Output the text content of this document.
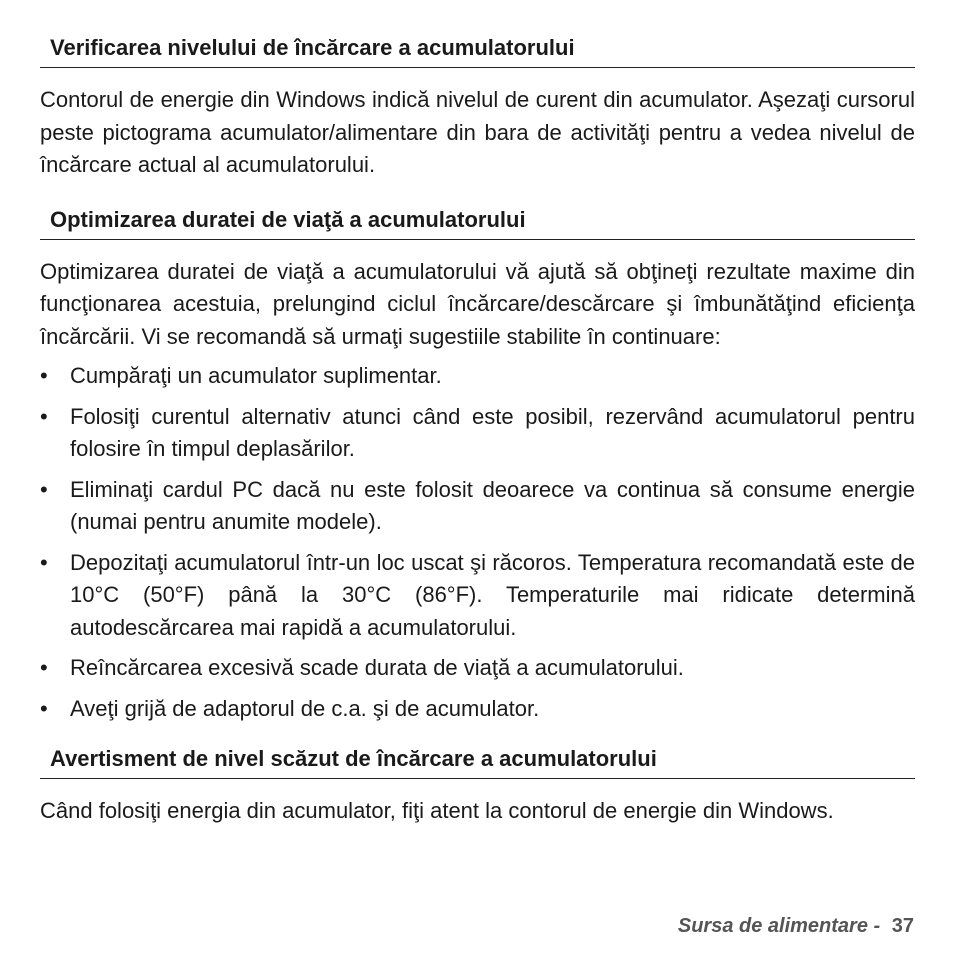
Verificarea nivelului de încărcare a acumulatorului

Contorul de energie din Windows indică nivelul de curent din acumulator. Aşezaţi cursorul peste pictograma acumulator/alimentare din bara de activităţi pentru a vedea nivelul de încărcare actual al acumulatorului.

Optimizarea duratei de viaţă a acumulatorului

Optimizarea duratei de viaţă a acumulatorului vă ajută să obţineţi rezultate maxime din funcţionarea acestuia, prelungind ciclul încărcare/descărcare şi îmbunătăţind eficienţa încărcării. Vi se recomandă să urmaţi sugestiile stabilite în continuare:

•	Cumpăraţi un acumulator suplimentar.
•	Folosiţi curentul alternativ atunci când este posibil, rezervând acumulatorul pentru folosire în timpul deplasărilor.
•	Eliminaţi cardul PC dacă nu este folosit deoarece va continua să consume energie (numai pentru anumite modele).
•	Depozitaţi acumulatorul într-un loc uscat şi răcoros. Temperatura recomandată este de 10°C (50°F) până la 30°C (86°F). Temperaturile mai ridicate determină autodescărcarea mai rapidă a acumulatorului.
•	Reîncărcarea excesivă scade durata de viaţă a acumulatorului.
•	Aveţi grijă de adaptorul de c.a. şi de acumulator.
Avertisment de nivel scăzut de încărcare a acumulatorului

Când folosiţi energia din acumulator, fiţi atent la contorul de energie din Windows.

Sursa de alimentare - 37
